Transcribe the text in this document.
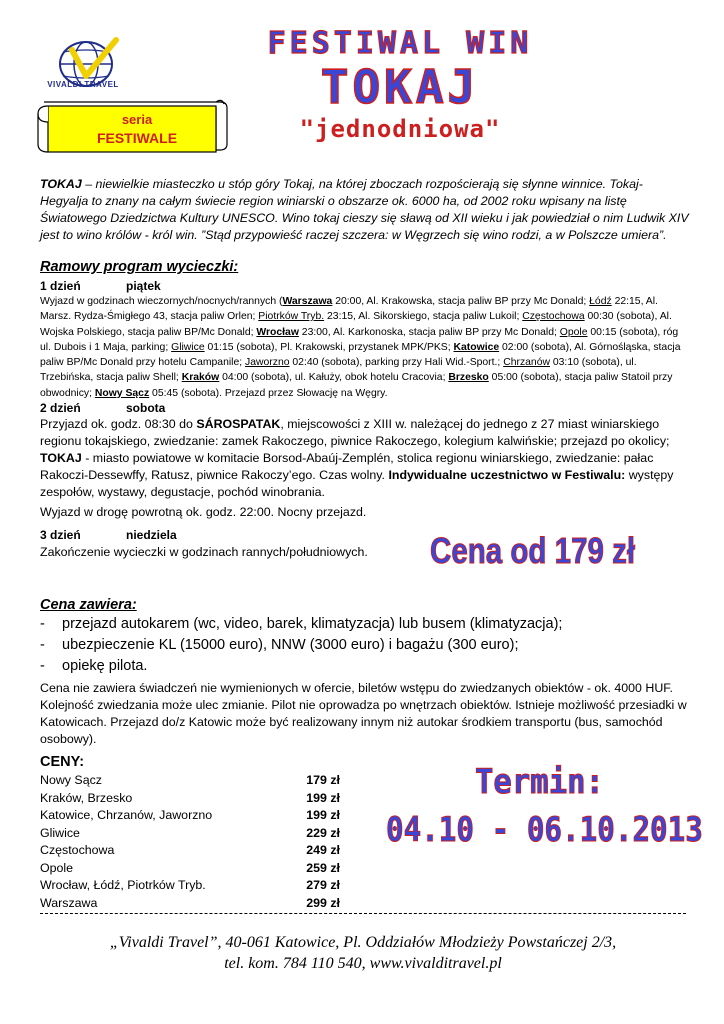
VIVALDI TRAVEL
FESTIWAL WIN
TOKAJ
"jednodniowa"
seria
FESTIWALE
TOKAJ – niewielkie miasteczko u stóp góry Tokaj, na której zboczach rozpościerają się słynne winnice. Tokaj-Hegyalja to znany na całym świecie region winiarski o obszarze ok. 6000 ha, od 2002 roku wpisany na listę Światowego Dziedzictwa Kultury UNESCO. Wino tokaj cieszy się sławą od XII wieku i jak powiedział o nim Ludwik XIV jest to wino królów - król win. ”Stąd przypowieść raczej szczera: w Węgrzech się wino rodzi, a w Polszcze umiera”.
Ramowy program wycieczki:
1 dzień	piątek
Wyjazd w godzinach wieczornych/nocnych/rannych (Warszawa 20:00, Al. Krakowska, stacja paliw BP przy Mc Donald; Łódź 22:15, Al. Marsz. Rydza-Śmigłego 43, stacja paliw Orlen; Piotrków Tryb. 23:15, Al. Sikorskiego, stacja paliw Lukoil; Częstochowa 00:30 (sobota), Al. Wojska Polskiego, stacja paliw BP/Mc Donald; Wrocław 23:00, Al. Karkonoska, stacja paliw BP przy Mc Donald; Opole 00:15 (sobota), róg ul. Dubois i 1 Maja, parking; Gliwice 01:15 (sobota), Pl. Krakowski, przystanek MPK/PKS; Katowice 02:00 (sobota), Al. Górnośląska, stacja paliw BP/Mc Donald przy hotelu Campanile; Jaworzno 02:40 (sobota), parking przy Hali Wid.-Sport.; Chrzanów 03:10 (sobota), ul. Trzebińska, stacja paliw Shell; Kraków 04:00 (sobota), ul. Kałuży, obok hotelu Cracovia; Brzesko 05:00 (sobota), stacja paliw Statoil przy obwodnicy; Nowy Sącz 05:45 (sobota). Przejazd przez Słowację na Węgry.
2 dzień	sobota
Przyjazd ok. godz. 08:30 do SÁROSPATAK, miejscowości z XIII w. należącej do jednego z 27 miast winiarskiego regionu tokajskiego, zwiedzanie: zamek Rakoczego, piwnice Rakoczego, kolegium kalwińskie; przejazd po okolicy; TOKAJ - miasto powiatowe w komitacie Borsod-Abaúj-Zemplén, stolica regionu winiarskiego, zwiedzanie: pałac Rakoczi-Dessewffy, Ratusz, piwnice Rakoczy’ego. Czas wolny. Indywidualne uczestnictwo w Festiwalu: występy zespołów, wystawy, degustacje, pochód winobrania.
Wyjazd w drogę powrotną ok. godz. 22:00. Nocny przejazd.
3 dzień	niedziela
Zakończenie wycieczki w godzinach rannych/południowych.	Cena od 179 zł
Cena zawiera:
-	przejazd autokarem (wc, video, barek, klimatyzacja) lub busem (klimatyzacja);
-	ubezpieczenie KL (15000 euro), NNW (3000 euro) i bagażu (300 euro);
-	opiekę pilota.
Cena nie zawiera świadczeń nie wymienionych w ofercie, biletów wstępu do zwiedzanych obiektów - ok. 4000 HUF. Kolejność zwiedzania może ulec zmianie. Pilot nie oprowadza po wnętrzach obiektów. Istnieje możliwość przesiadki w Katowicach. Przejazd do/z Katowic może być realizowany innym niż autokar środkiem transportu (bus, samochód osobowy).
CENY:
Nowy Sącz	179 zł
Kraków, Brzesko	199 zł
Katowice, Chrzanów, Jaworzno	199 zł
Gliwice	229 zł
Częstochowa	249 zł
Opole	259 zł
Wrocław, Łódź, Piotrków Tryb.	279 zł
Warszawa	299 zł
Termin:
04.10 - 06.10.2013
„Vivaldi Travel”, 40-061 Katowice, Pl. Oddziałów Młodzieży Powstańczej 2/3,
tel. kom. 784 110 540, www.vivalditravel.pl
